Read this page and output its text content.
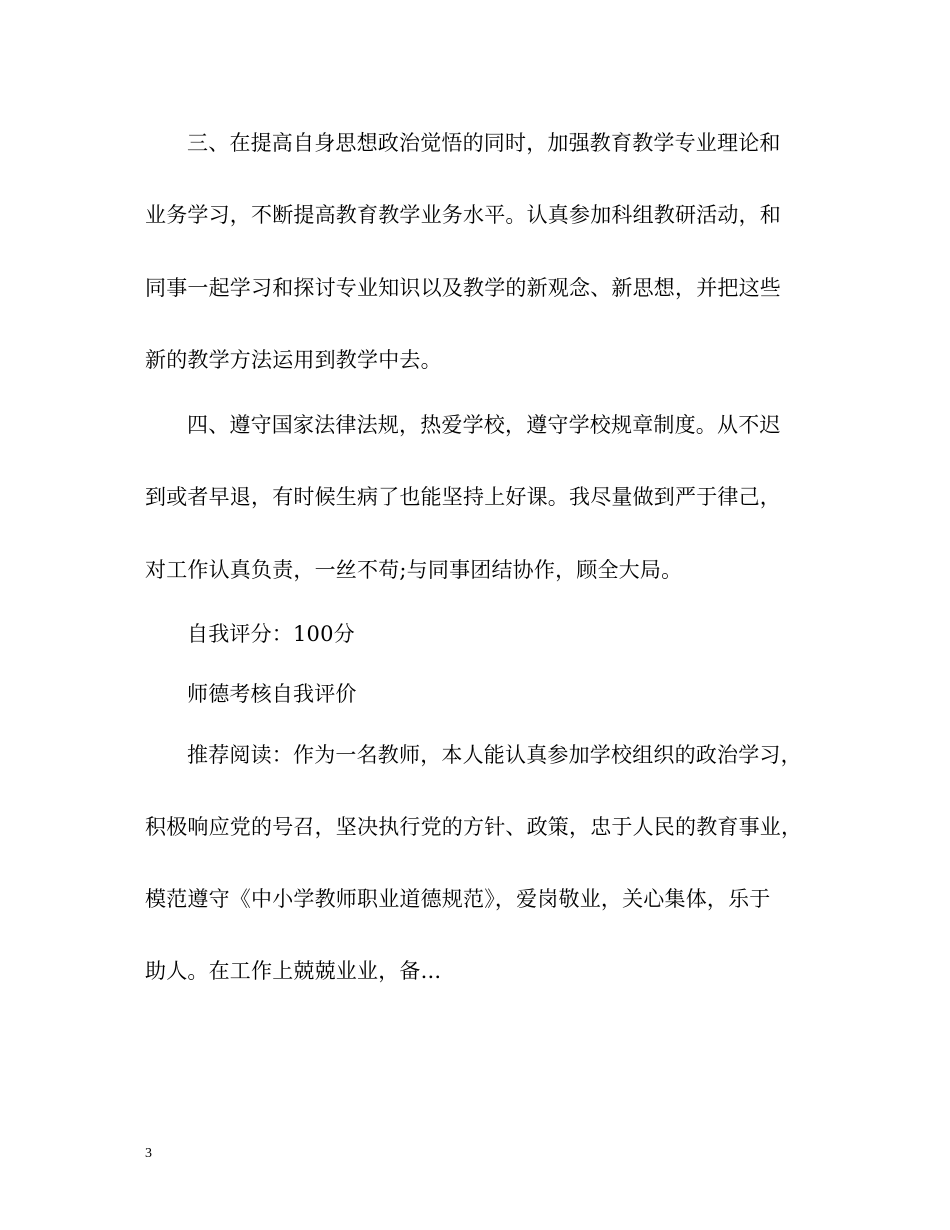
三、在提高自身思想政治觉悟的同时，加强教育教学专业理论和
业务学习，不断提高教育教学业务水平。认真参加科组教研活动，和
同事一起学习和探讨专业知识以及教学的新观念、新思想，并把这些
新的教学方法运用到教学中去。
四、遵守国家法律法规，热爱学校，遵守学校规章制度。从不迟
到或者早退，有时候生病了也能坚持上好课。我尽量做到严于律己，
对工作认真负责，一丝不苟;与同事团结协作，顾全大局。
自我评分：100分
师德考核自我评价
推荐阅读：作为一名教师，本人能认真参加学校组织的政治学习，
积极响应党的号召，坚决执行党的方针、政策，忠于人民的教育事业，
模范遵守《中小学教师职业道德规范》，爱岗敬业，关心集体，乐于
助人。在工作上兢兢业业，备...
3
